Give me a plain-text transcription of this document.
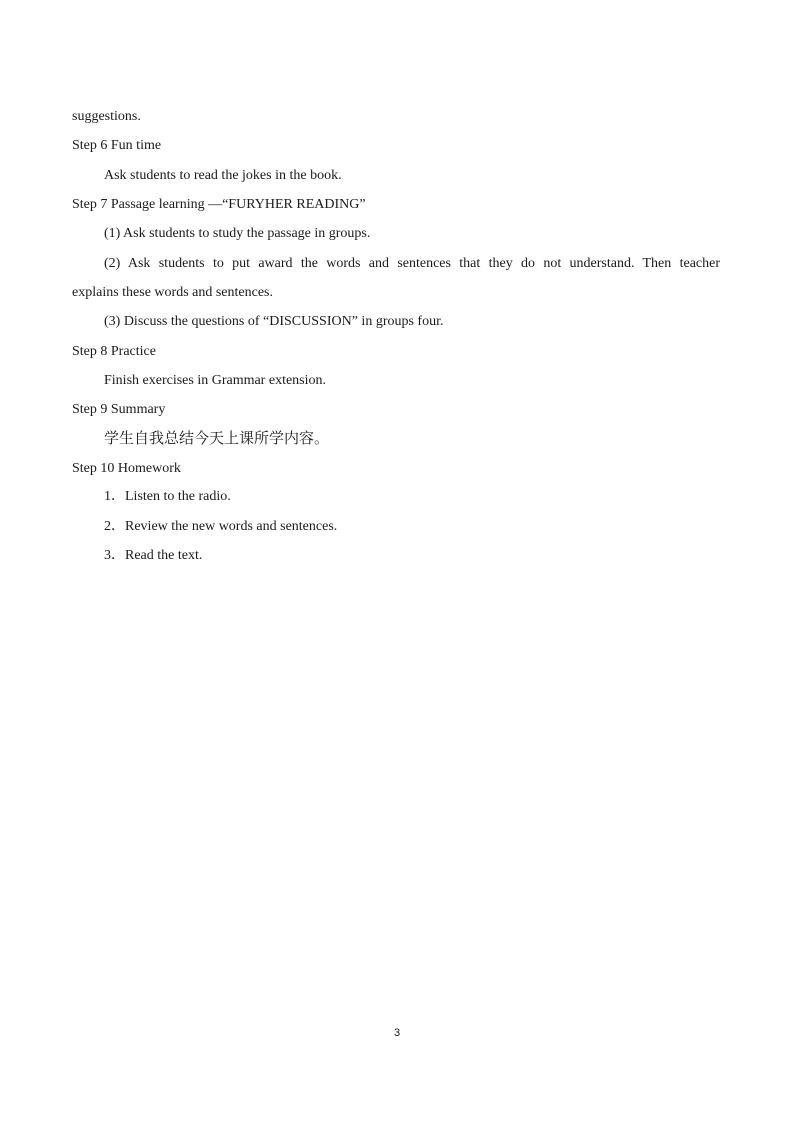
suggestions.
Step 6 Fun time
Ask students to read the jokes in the book.
Step 7 Passage learning —“FURYHER READING”
(1) Ask students to study the passage in groups.
(2) Ask students to put award the words and sentences that they do not understand. Then teacher
explains these words and sentences.
(3) Discuss the questions of “DISCUSSION” in groups four.
Step 8 Practice
Finish exercises in Grammar extension.
Step 9 Summary
学生自我总结今天上课所学内容。
Step 10 Homework
1．Listen to the radio.
2．Review the new words and sentences.
3．Read the text.
3
